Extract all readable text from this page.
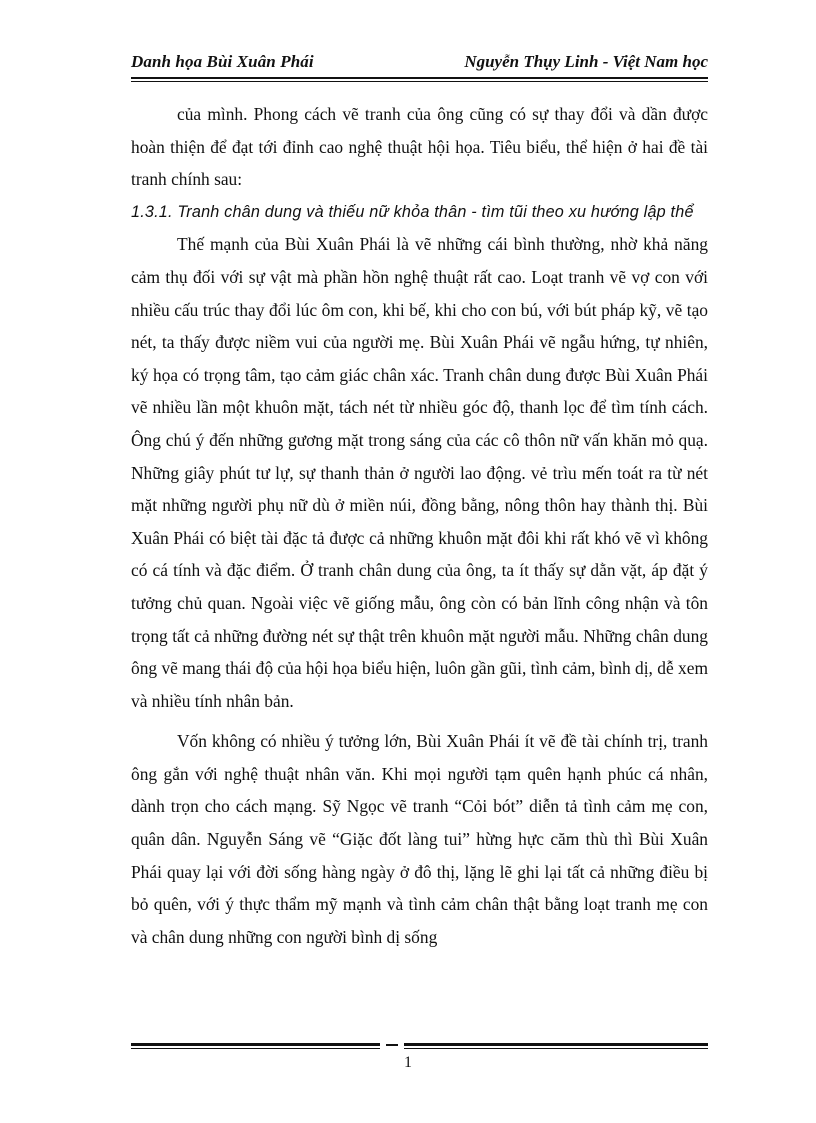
Danh họa Bùi Xuân Phái	Nguyễn Thụy Linh - Việt Nam học

của mình. Phong cách vẽ tranh của ông cũng có sự thay đổi và dần được hoàn thiện để đạt tới đỉnh cao nghệ thuật hội họa. Tiêu biểu, thể hiện ở hai đề tài tranh chính sau:

1.3.1. Tranh chân dung và thiếu nữ khỏa thân - tìm tũi theo xu hướng lập thể

Thế mạnh của Bùi Xuân Phái là vẽ những cái bình thường, nhờ khả năng cảm thụ đối với sự vật mà phần hồn nghệ thuật rất cao. Loạt tranh vẽ vợ con với nhiều cấu trúc thay đổi lúc ôm con, khi bế, khi cho con bú, với bút pháp kỹ, vẽ tạo nét, ta thấy được niềm vui của người mẹ. Bùi Xuân Phái vẽ ngẫu hứng, tự nhiên, ký họa có trọng tâm, tạo cảm giác chân xác. Tranh chân dung được Bùi Xuân Phái vẽ nhiều lần một khuôn mặt, tách nét từ nhiều góc độ, thanh lọc để tìm tính cách. Ông chú ý đến những gương mặt trong sáng của các cô thôn nữ vấn khăn mỏ quạ. Những giây phút tư lự, sự thanh thản ở người lao động. vẻ trìu mến toát ra từ nét mặt những người phụ nữ dù ở miền núi, đồng bằng, nông thôn hay thành thị. Bùi Xuân Phái có biệt tài đặc tả được cả những khuôn mặt đôi khi rất khó vẽ vì không có cá tính và đặc điểm. Ở tranh chân dung của ông, ta ít thấy sự dằn vặt, áp đặt ý tưởng chủ quan. Ngoài việc vẽ giống mẫu, ông còn có bản lĩnh công nhận và tôn trọng tất cả những đường nét sự thật trên khuôn mặt người mẫu. Những chân dung ông vẽ mang thái độ của hội họa biểu hiện, luôn gần gũi, tình cảm, bình dị, dễ xem và nhiều tính nhân bản.

Vốn không có nhiều ý tưởng lớn, Bùi Xuân Phái ít vẽ đề tài chính trị, tranh ông gắn với nghệ thuật nhân văn. Khi mọi người tạm quên hạnh phúc cá nhân, dành trọn cho cách mạng. Sỹ Ngọc vẽ tranh “Cỏi bót” diễn tả tình cảm mẹ con, quân dân. Nguyễn Sáng vẽ “Giặc đốt làng tui” hừng hực căm thù thì Bùi Xuân Phái quay lại với đời sống hàng ngày ở đô thị, lặng lẽ ghi lại tất cả những điều bị bỏ quên, với ý thực thẩm mỹ mạnh và tình cảm chân thật bằng loạt tranh mẹ con và chân dung những con người bình dị sống

1
